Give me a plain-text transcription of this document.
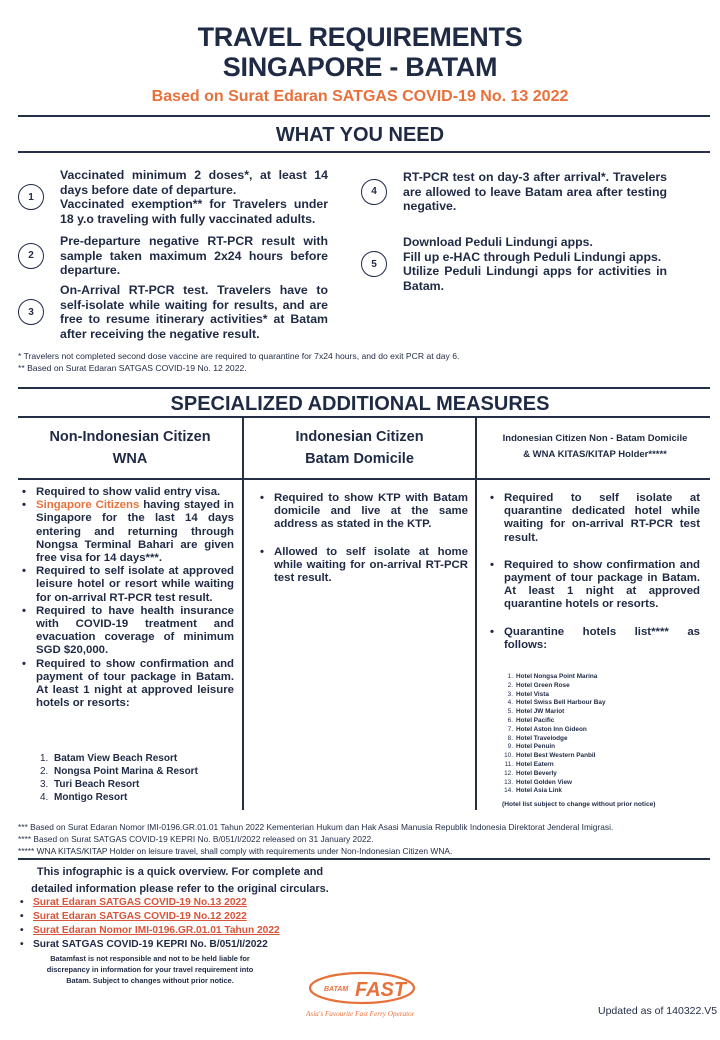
TRAVEL REQUIREMENTS
SINGAPORE - BATAM
Based on Surat Edaran SATGAS COVID-19 No. 13 2022
WHAT YOU NEED
1
Vaccinated minimum 2 doses*, at least 14 days before date of departure.
Vaccinated exemption** for Travelers under 18 y.o traveling with fully vaccinated adults.
2
Pre-departure negative RT-PCR result with sample taken maximum 2x24 hours before departure.
3
On-Arrival RT-PCR test. Travelers have to self-isolate while waiting for results, and are free to resume itinerary activities* at Batam after receiving the negative result.
4
RT-PCR test on day-3 after arrival*. Travelers are allowed to leave Batam area after testing negative.
5
Download Peduli Lindungi apps.
Fill up e-HAC through Peduli Lindungi apps.
Utilize Peduli Lindungi apps for activities in Batam.
* Travelers not completed second dose vaccine are required to quarantine for 7x24 hours, and do exit PCR at day 6.
** Based on Surat Edaran SATGAS COVID-19 No. 12 2022.
SPECIALIZED ADDITIONAL MEASURES
Non-Indonesian Citizen
WNA
Indonesian Citizen
Batam Domicile
Indonesian Citizen Non - Batam Domicile
& WNA KITAS/KITAP Holder*****
• Required to show valid entry visa.
• Singapore Citizens having stayed in Singapore for the last 14 days entering and returning through Nongsa Terminal Bahari are given free visa for 14 days***.
• Required to self isolate at approved leisure hotel or resort while waiting for on-arrival RT-PCR test result.
• Required to have health insurance with COVID-19 treatment and evacuation coverage of minimum SGD $20,000.
• Required to show confirmation and payment of tour package in Batam. At least 1 night at approved leisure hotels or resorts:
1. Batam View Beach Resort
2. Nongsa Point Marina & Resort
3. Turi Beach Resort
4. Montigo Resort
• Required to show KTP with Batam domicile and live at the same address as stated in the KTP.
• Allowed to self isolate at home while waiting for on-arrival RT-PCR test result.
• Required to self isolate at quarantine dedicated hotel while waiting for on-arrival RT-PCR test result.
• Required to show confirmation and payment of tour package in Batam. At least 1 night at approved quarantine hotels or resorts.
• Quarantine hotels list**** as follows:
1. Hotel Nongsa Point Marina
2. Hotel Green Rose
3. Hotel Vista
4. Hotel Swiss Bell Harbour Bay
5. Hotel JW Mariot
6. Hotel Pacific
7. Hotel Aston Inn Gideon
8. Hotel Travelodge
9. Hotel Penuin
10. Hotel Best Western Panbil
11. Hotel Eatern
12. Hotel Beverly
13. Hotel Golden View
14. Hotel Asia Link
(Hotel list subject to change without prior notice)
*** Based on Surat Edaran Nomor IMI-0196.GR.01.01 Tahun 2022 Kementerian Hukum dan Hak Asasi Manusia Republik Indonesia Direktorat Jenderal Imigrasi.
**** Based on Surat SATGAS COVID-19 KEPRI No. B/051/I/2022 released on 31 January 2022.
***** WNA KITAS/KITAP Holder on leisure travel, shall comply with requirements under Non-Indonesian Citizen WNA.
This infographic is a quick overview. For complete and
detailed information please refer to the original circulars.
• Surat Edaran SATGAS COVID-19 No.13 2022
• Surat Edaran SATGAS COVID-19 No.12 2022
• Surat Edaran Nomor IMI-0196.GR.01.01 Tahun 2022
• Surat SATGAS COVID-19 KEPRI No. B/051/I/2022
Batamfast is not responsible and not to be held liable for
discrepancy in information for your travel requirement into
Batam. Subject to changes without prior notice.
BATAM FAST
Asia's Favourite Fast Ferry Operator	Updated as of 140322.V5
